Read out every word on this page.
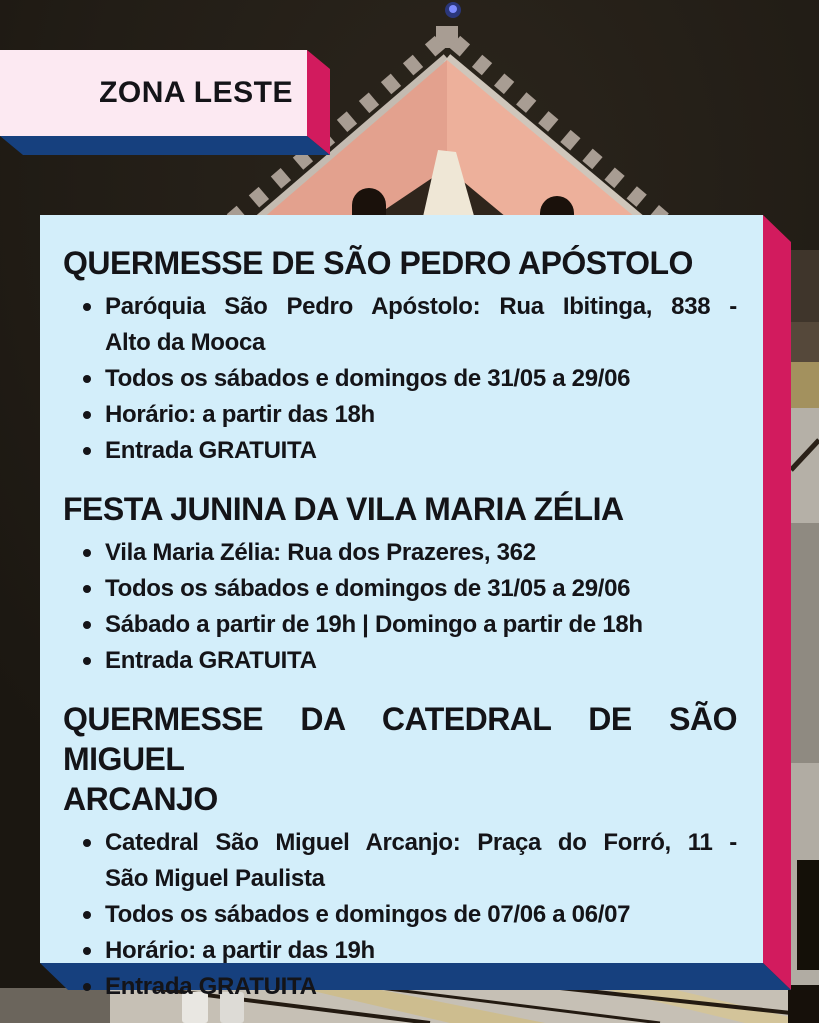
ZONA LESTE
QUERMESSE DE SÃO PEDRO APÓSTOLO
Paróquia São Pedro Apóstolo: Rua Ibitinga, 838 -
Alto da Mooca
Todos os sábados e domingos de 31/05 a 29/06
Horário: a partir das 18h
Entrada GRATUITA
FESTA JUNINA DA VILA MARIA ZÉLIA
Vila Maria Zélia: Rua dos Prazeres, 362
Todos os sábados e domingos de 31/05 a 29/06
Sábado a partir de 19h | Domingo a partir de 18h
Entrada GRATUITA
QUERMESSE DA CATEDRAL DE SÃO MIGUEL
ARCANJO
Catedral São Miguel Arcanjo: Praça do Forró, 11 -
São Miguel Paulista
Todos os sábados e domingos de 07/06 a 06/07
Horário: a partir das 19h
Entrada GRATUITA
